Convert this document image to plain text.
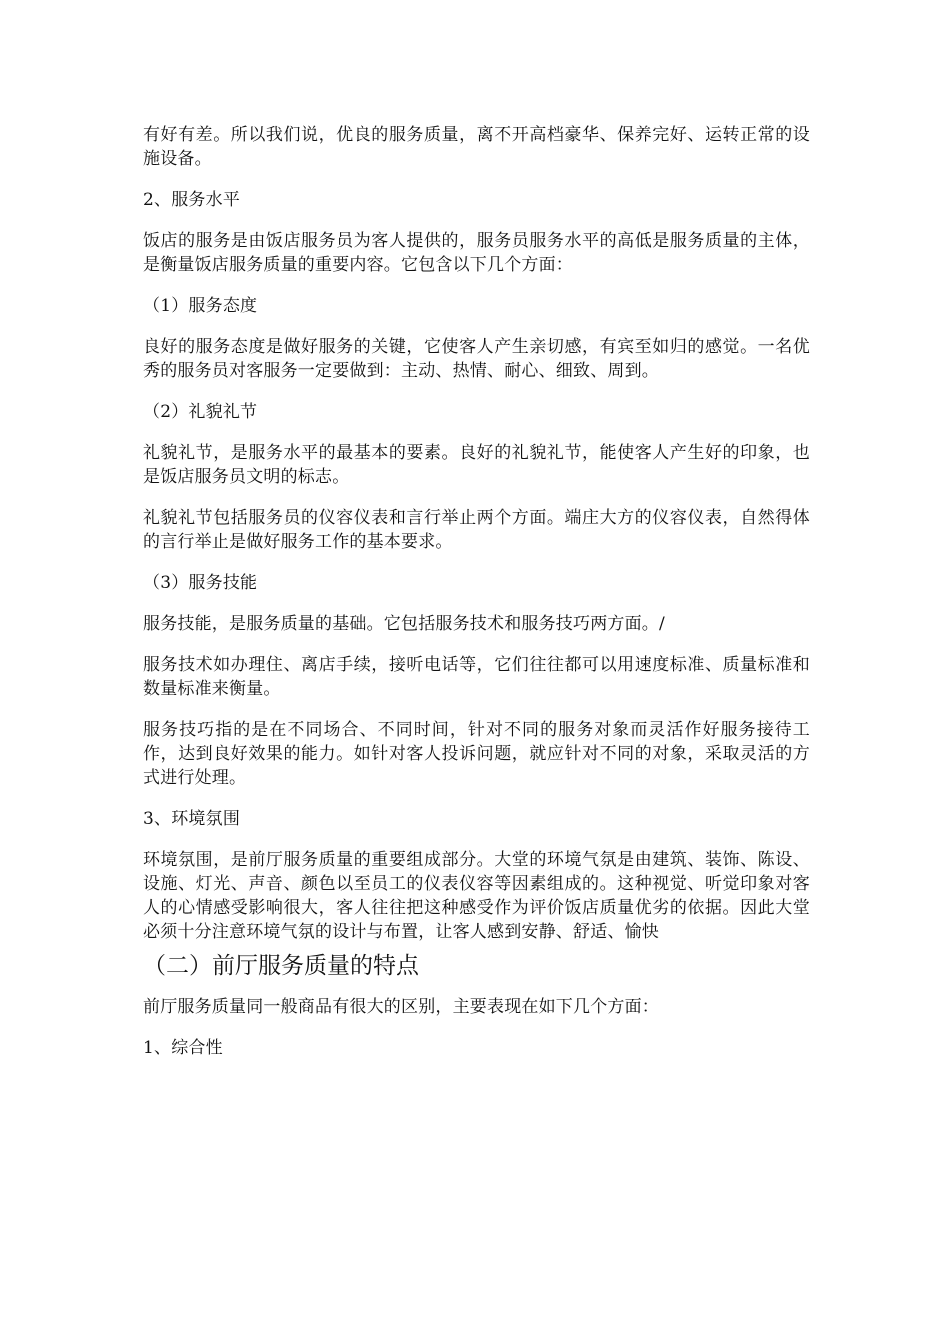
有好有差。所以我们说，优良的服务质量，离不开高档豪华、保养完好、运转正常的设施设备。

2、服务水平

饭店的服务是由饭店服务员为客人提供的，服务员服务水平的高低是服务质量的主体，是衡量饭店服务质量的重要内容。它包含以下几个方面：

（1）服务态度

良好的服务态度是做好服务的关键，它使客人产生亲切感，有宾至如归的感觉。一名优秀的服务员对客服务一定要做到：主动、热情、耐心、细致、周到。

（2）礼貌礼节

礼貌礼节，是服务水平的最基本的要素。良好的礼貌礼节，能使客人产生好的印象，也是饭店服务员文明的标志。

礼貌礼节包括服务员的仪容仪表和言行举止两个方面。端庄大方的仪容仪表，自然得体的言行举止是做好服务工作的基本要求。

（3）服务技能

服务技能，是服务质量的基础。它包括服务技术和服务技巧两方面。/

服务技术如办理住、离店手续，接听电话等，它们往往都可以用速度标准、质量标准和数量标准来衡量。

服务技巧指的是在不同场合、不同时间，针对不同的服务对象而灵活作好服务接待工作，达到良好效果的能力。如针对客人投诉问题，就应针对不同的对象，采取灵活的方式进行处理。

3、环境氛围

环境氛围，是前厅服务质量的重要组成部分。大堂的环境气氛是由建筑、装饰、陈设、设施、灯光、声音、颜色以至员工的仪表仪容等因素组成的。这种视觉、听觉印象对客人的心情感受影响很大，客人往往把这种感受作为评价饭店质量优劣的依据。因此大堂必须十分注意环境气氛的设计与布置，让客人感到安静、舒适、愉快

（二）前厅服务质量的特点

前厅服务质量同一般商品有很大的区别，主要表现在如下几个方面：

1、综合性
